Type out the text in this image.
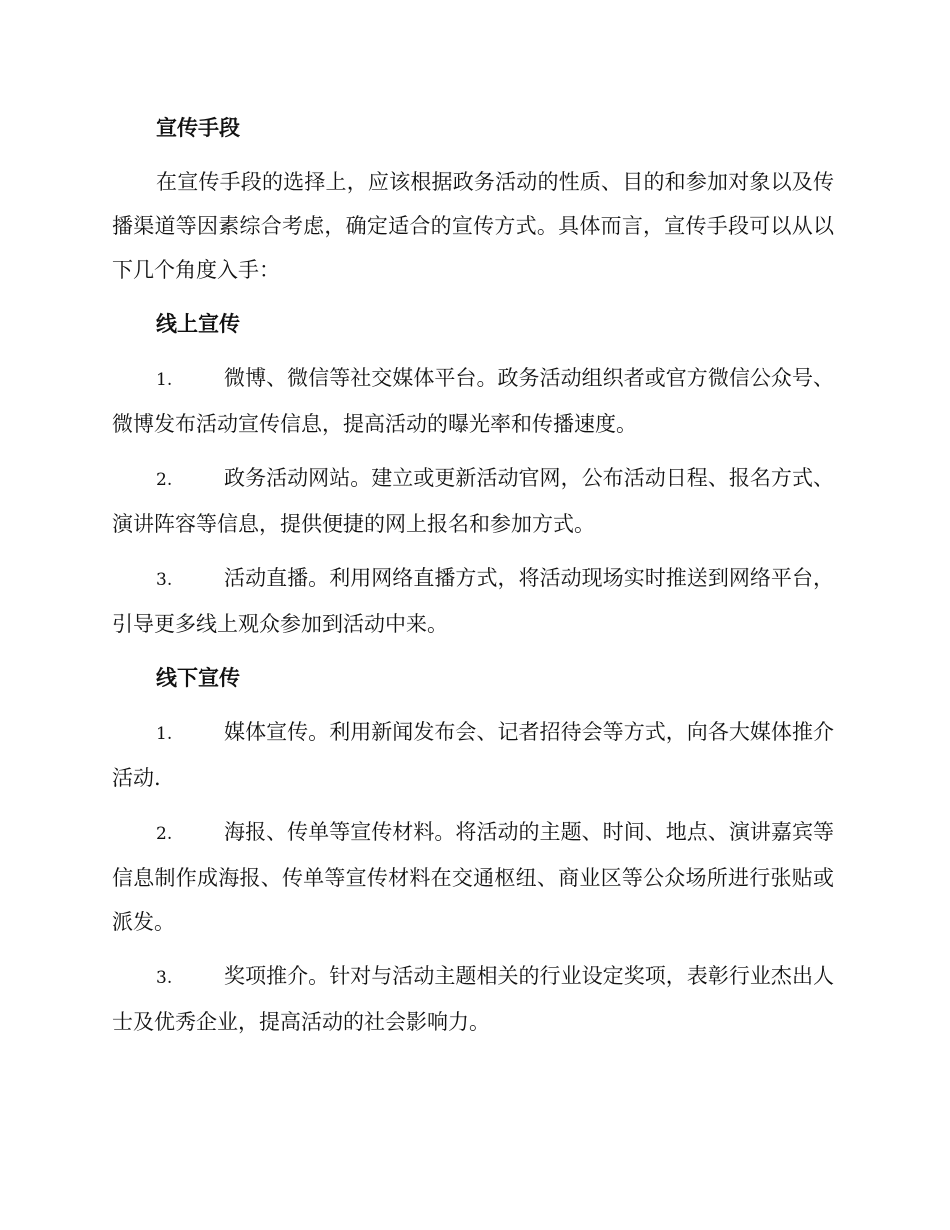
宣传手段

在宣传手段的选择上，应该根据政务活动的性质、目的和参加对象以及传播渠道等因素综合考虑，确定适合的宣传方式。具体而言，宣传手段可以从以下几个角度入手：

线上宣传

1. 微博、微信等社交媒体平台。政务活动组织者或官方微信公众号、微博发布活动宣传信息，提高活动的曝光率和传播速度。

2. 政务活动网站。建立或更新活动官网，公布活动日程、报名方式、演讲阵容等信息，提供便捷的网上报名和参加方式。

3. 活动直播。利用网络直播方式，将活动现场实时推送到网络平台，引导更多线上观众参加到活动中来。

线下宣传

1. 媒体宣传。利用新闻发布会、记者招待会等方式，向各大媒体推介活动.

2. 海报、传单等宣传材料。将活动的主题、时间、地点、演讲嘉宾等信息制作成海报、传单等宣传材料在交通枢纽、商业区等公众场所进行张贴或派发。

3. 奖项推介。针对与活动主题相关的行业设定奖项，表彰行业杰出人士及优秀企业，提高活动的社会影响力。
